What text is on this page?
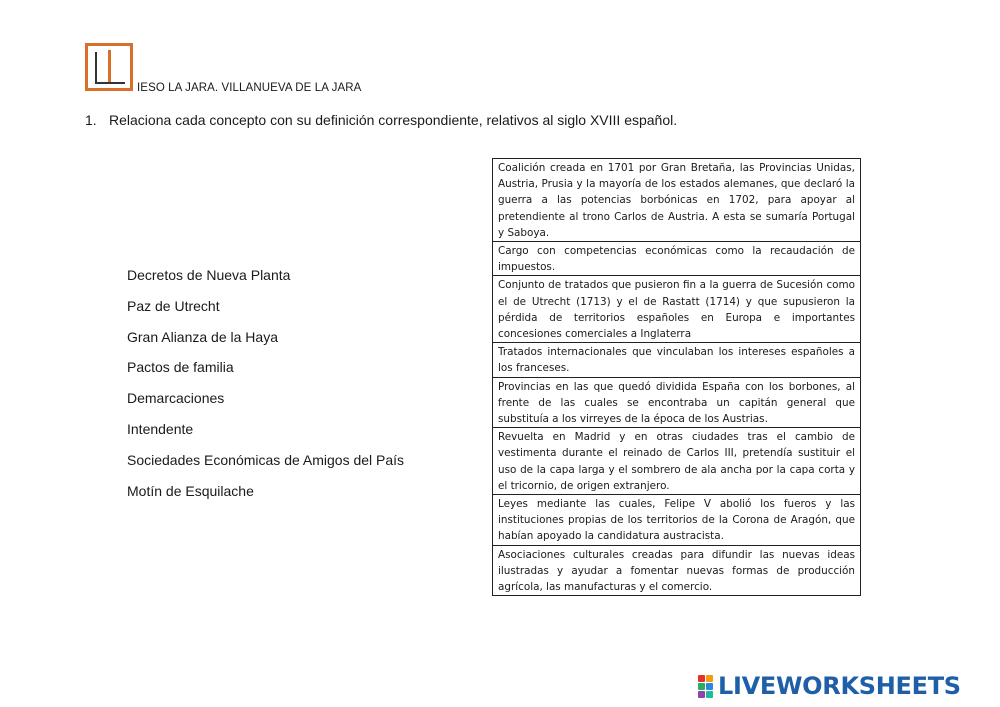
IESO LA JARA. VILLANUEVA DE LA JARA
1. Relaciona cada concepto con su definición correspondiente, relativos al siglo XVIII español.
Decretos de Nueva Planta
Paz de Utrecht
Gran Alianza de la Haya
Pactos de familia
Demarcaciones
Intendente
Sociedades Económicas de Amigos del País
Motín de Esquilache
Coalición creada en 1701 por Gran Bretaña, las Provincias Unidas, Austria, Prusia y la mayoría de los estados alemanes, que declaró la guerra a las potencias borbónicas en 1702, para apoyar al pretendiente al trono Carlos de Austria. A esta se sumaría Portugal y Saboya.
Cargo con competencias económicas como la recaudación de impuestos.
Conjunto de tratados que pusieron fin a la guerra de Sucesión como el de Utrecht (1713) y el de Rastatt (1714) y que supusieron la pérdida de territorios españoles en Europa e importantes concesiones comerciales a Inglaterra
Tratados internacionales que vinculaban los intereses españoles a los franceses.
Provincias en las que quedó dividida España con los borbones, al frente de las cuales se encontraba un capitán general que substituía a los virreyes de la época de los Austrias.
Revuelta en Madrid y en otras ciudades tras el cambio de vestimenta durante el reinado de Carlos III, pretendía sustituir el uso de la capa larga y el sombrero de ala ancha por la capa corta y el tricornio, de origen extranjero.
Leyes mediante las cuales, Felipe V abolió los fueros y las instituciones propias de los territorios de la Corona de Aragón, que habían apoyado la candidatura austracista.
Asociaciones culturales creadas para difundir las nuevas ideas ilustradas y ayudar a fomentar nuevas formas de producción agrícola, las manufacturas y el comercio.
LIVEWORKSHEETS
